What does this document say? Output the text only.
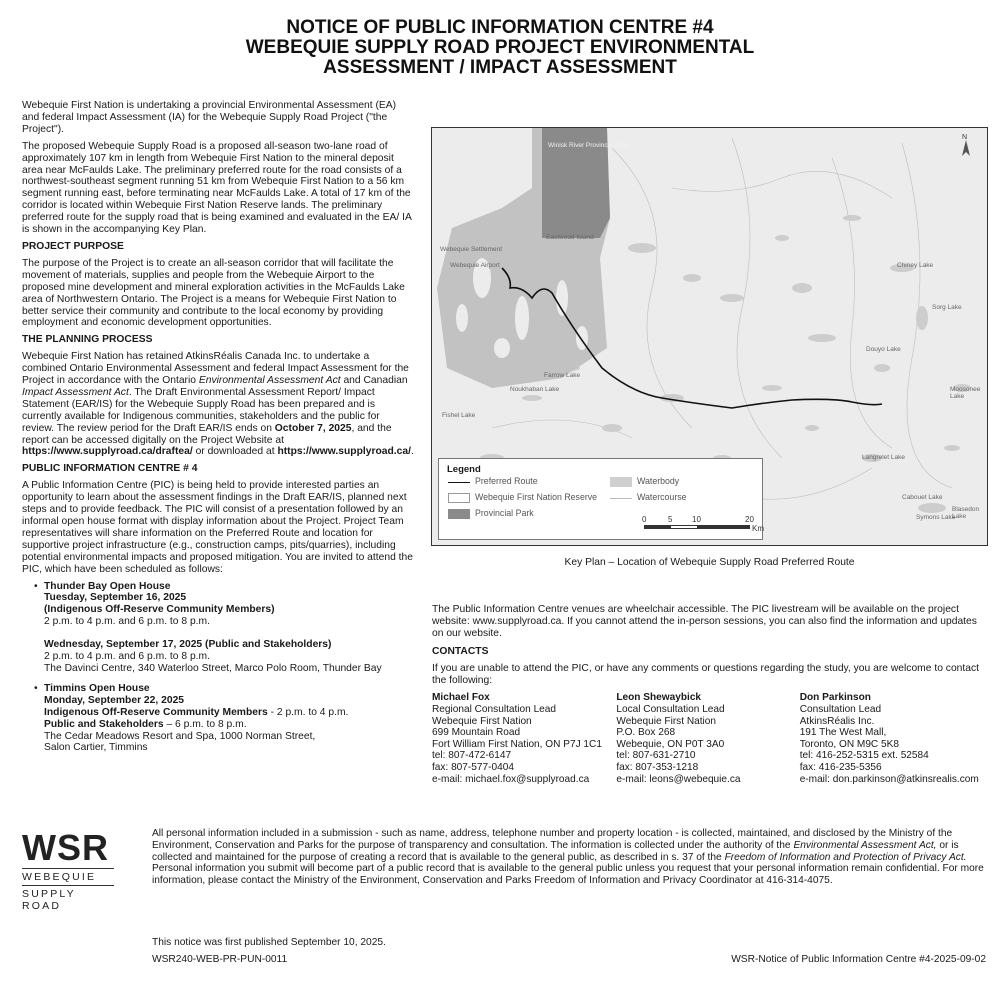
NOTICE OF PUBLIC INFORMATION CENTRE #4
WEBEQUIE SUPPLY ROAD PROJECT ENVIRONMENTAL
ASSESSMENT / IMPACT ASSESSMENT

Webequie First Nation is undertaking a provincial Environmental Assessment (EA) and federal Impact Assessment (IA) for the Webequie Supply Road Project ("the Project").

The proposed Webequie Supply Road is a proposed all-season two-lane road of approximately 107 km in length from Webequie First Nation to the mineral deposit area near McFaulds Lake. The preliminary preferred route for the road consists of a northwest-southeast segment running 51 km from Webequie First Nation to a 56 km segment running east, before terminating near McFaulds Lake. A total of 17 km of the corridor is located within Webequie First Nation Reserve lands. The preliminary preferred route for the supply road that is being examined and evaluated in the EA/ IA is shown in the accompanying Key Plan.

PROJECT PURPOSE

The purpose of the Project is to create an all-season corridor that will facilitate the movement of materials, supplies and people from the Webequie Airport to the proposed mine development and mineral exploration activities in the McFaulds Lake area of Northwestern Ontario. The Project is a means for Webequie First Nation to better service their community and contribute to the local economy by providing employment and economic development opportunities.

THE PLANNING PROCESS

Webequie First Nation has retained AtkinsRéalis Canada Inc. to undertake a combined Ontario Environmental Assessment and federal Impact Assessment for the Project in accordance with the Ontario Environmental Assessment Act and Canadian Impact Assessment Act. The Draft Environmental Assessment Report/ Impact Statement (EAR/IS) for the Webequie Supply Road has been prepared and is currently available for Indigenous communities, stakeholders and the public for review. The review period for the Draft EAR/IS ends on October 7, 2025, and the report can be accessed digitally on the Project Website at https://www.supplyroad.ca/draftea/ or downloaded at https://www.supplyroad.ca/.

PUBLIC INFORMATION CENTRE # 4

A Public Information Centre (PIC) is being held to provide interested parties an opportunity to learn about the assessment findings in the Draft EAR/IS, planned next steps and to provide feedback. The PIC will consist of a presentation followed by an informal open house format with display information about the Project. Project Team representatives will share information on the Preferred Route and location for supportive project infrastructure (e.g., construction camps, pits/quarries), including potential environmental impacts and proposed mitigation. You are invited to attend the PIC, which have been scheduled as follows:

• Thunder Bay Open House
Tuesday, September 16, 2025
(Indigenous Off-Reserve Community Members)
2 p.m. to 4 p.m. and 6 p.m. to 8 p.m.
Wednesday, September 17, 2025 (Public and Stakeholders)
2 p.m. to 4 p.m. and 6 p.m. to 8 p.m.
The Davinci Centre, 340 Waterloo Street, Marco Polo Room, Thunder Bay
• Timmins Open House
Monday, September 22, 2025
Indigenous Off-Reserve Community Members - 2 p.m. to 4 p.m.
Public and Stakeholders – 6 p.m. to 8 p.m.
The Cedar Meadows Resort and Spa, 1000 Norman Street,
Salon Cartier, Timmins
Winisk River Provincial Park
Webequie Settlement
Webequie Airport
Eastwood Island
Chiney Lake
Sorg Lake
Douyo Lake
Moosonee Lake
Langrelet Lake
Cabouet Lake
Symons Lake
Blasedon Lake
Farrow Lake
Noukhaban Lake
Fishel Lake
N
Legend
Preferred Route	Waterbody
Webequie First Nation Reserve	Watercourse
Provincial Park
0	5 10	20
Km
Key Plan – Location of Webequie Supply Road Preferred Route

The Public Information Centre venues are wheelchair accessible. The PIC livestream will be available on the project website: www.supplyroad.ca. If you cannot attend the in-person sessions, you can also find the information and updates on our website.

CONTACTS

If you are unable to attend the PIC, or have any comments or questions regarding the study, you are welcome to contact the following:

Michael Fox
Regional Consultation Lead
Webequie First Nation
699 Mountain Road
Fort William First Nation, ON P7J 1C1
tel: 807-472-6147
fax: 807-577-0404
e-mail: michael.fox@supplyroad.ca
Leon Shewaybick
Local Consultation Lead
Webequie First Nation
P.O. Box 268
Webequie, ON P0T 3A0
tel: 807-631-2710
fax: 807-353-1218
e-mail: leons@webequie.ca
Don Parkinson
Consultation Lead
AtkinsRéalis Inc.
191 The West Mall,
Toronto, ON M9C 5K8
tel: 416-252-5315 ext. 52584
fax: 416-235-5356
e-mail: don.parkinson@atkinsrealis.com
WSR
WEBEQUIE
SUPPLY ROAD
All personal information included in a submission - such as name, address, telephone number and property location - is collected, maintained, and disclosed by the Ministry of the Environment, Conservation and Parks for the purpose of transparency and consultation. The information is collected under the authority of the Environmental Assessment Act, or is collected and maintained for the purpose of creating a record that is available to the general public, as described in s. 37 of the Freedom of Information and Protection of Privacy Act. Personal information you submit will become part of a public record that is available to the general public unless you request that your personal information remain confidential. For more information, please contact the Ministry of the Environment, Conservation and Parks Freedom of Information and Privacy Coordinator at 416-314-4075.
This notice was first published September 10, 2025.
WSR240-WEB-PR-PUN-0011	WSR-Notice of Public Information Centre #4-2025-09-02
